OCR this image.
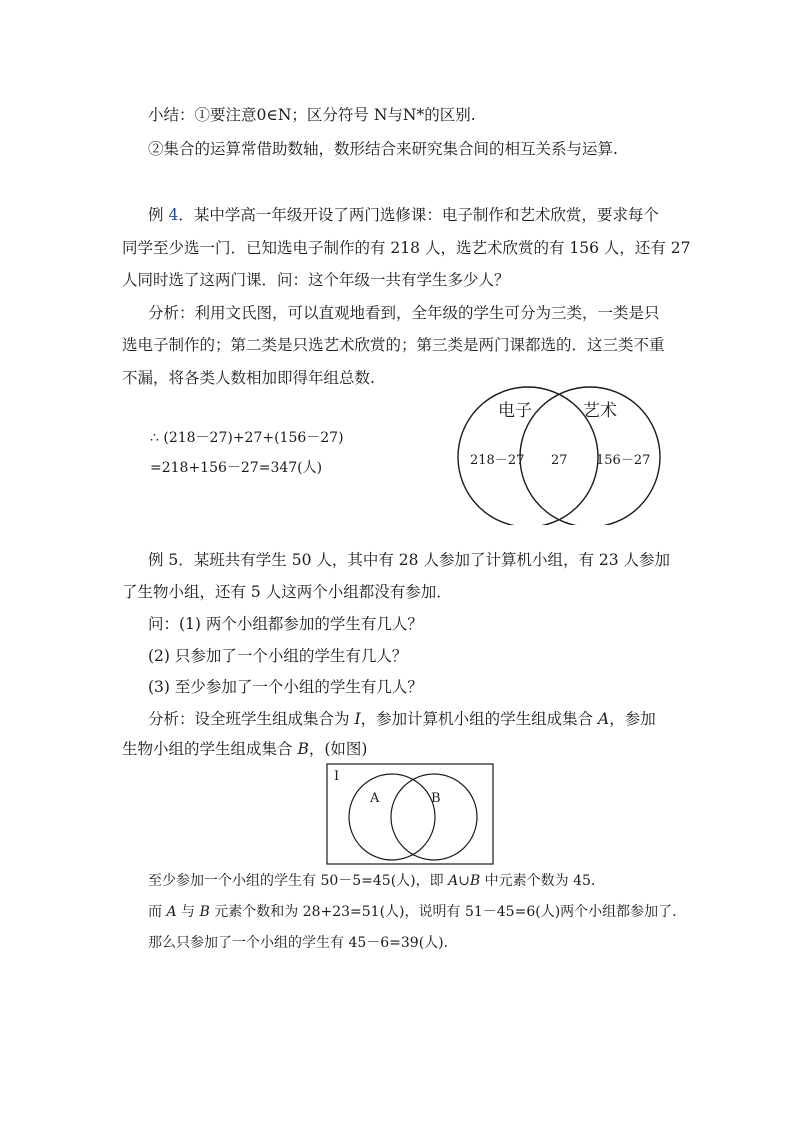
小结：①要注意0∈N；区分符号 N与N*的区别.
②集合的运算常借助数轴，数形结合来研究集合间的相互关系与运算.
例 4．某中学高一年级开设了两门选修课：电子制作和艺术欣赏，要求每个
同学至少选一门．已知选电子制作的有 218 人，选艺术欣赏的有 156 人，还有 27
人同时选了这两门课．问：这个年级一共有学生多少人？
分析：利用文氏图，可以直观地看到，全年级的学生可分为三类，一类是只
选电子制作的；第二类是只选艺术欣赏的；第三类是两门课都选的．这三类不重
不漏，将各类人数相加即得年组总数.
∴ (218－27)+27+(156－27)
=218+156－27=347(人)
电子	艺术
218－27 27 156－27
例 5．某班共有学生 50 人，其中有 28 人参加了计算机小组，有 23 人参加
了生物小组，还有 5 人这两个小组都没有参加．
问：(1) 两个小组都参加的学生有几人？
(2) 只参加了一个小组的学生有几人？
(3) 至少参加了一个小组的学生有几人？
分析：设全班学生组成集合为 I，参加计算机小组的学生组成集合 A，参加
生物小组的学生组成集合 B，(如图)
I
A	B
至少参加一个小组的学生有 50－5=45(人)，即 A∪B 中元素个数为 45．
而 A 与 B 元素个数和为 28+23=51(人)，说明有 51－45=6(人)两个小组都参加了．
那么只参加了一个小组的学生有 45－6=39(人)．
